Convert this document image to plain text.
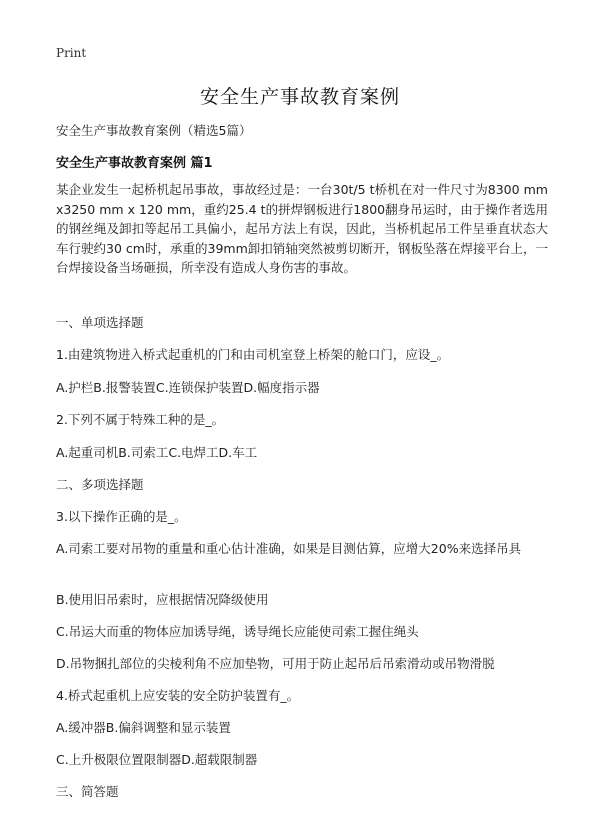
Print
安全生产事故教育案例
安全生产事故教育案例（精选5篇）
安全生产事故教育案例 篇1
某企业发生一起桥机起吊事故，事故经过是：一台30t/5 t桥机在对一件尺寸为8300 mm x3250 mm x 120 mm，重约25.4 t的拼焊钢板进行1800翻身吊运时，由于操作者选用的钢丝绳及卸扣等起吊工具偏小，起吊方法上有误，因此，当桥机起吊工件呈垂直状态大车行驶约30 cm时，承重的39mm卸扣销轴突然被剪切断开，钢板坠落在焊接平台上，一台焊接设备当场砸损，所幸没有造成人身伤害的事故。
一、单项选择题
1.由建筑物进入桥式起重机的门和由司机室登上桥架的舱口门，应设_。
A.护栏B.报警装置C.连锁保护装置D.幅度指示器
2.下列不属于特殊工种的是_。
A.起重司机B.司索工C.电焊工D.车工
二、多项选择题
3.以下操作正确的是_。
A.司索工要对吊物的重量和重心估计准确，如果是目测估算，应增大20%来选择吊具
B.使用旧吊索时，应根据情况降级使用
C.吊运大而重的物体应加诱导绳，诱导绳长应能使司索工握住绳头
D.吊物捆扎部位的尖棱利角不应加垫物，可用于防止起吊后吊索滑动或吊物滑脱
4.桥式起重机上应安装的安全防护装置有_。
A.缓冲器B.偏斜调整和显示装置
C.上升极限位置限制器D.超载限制器
三、简答题
